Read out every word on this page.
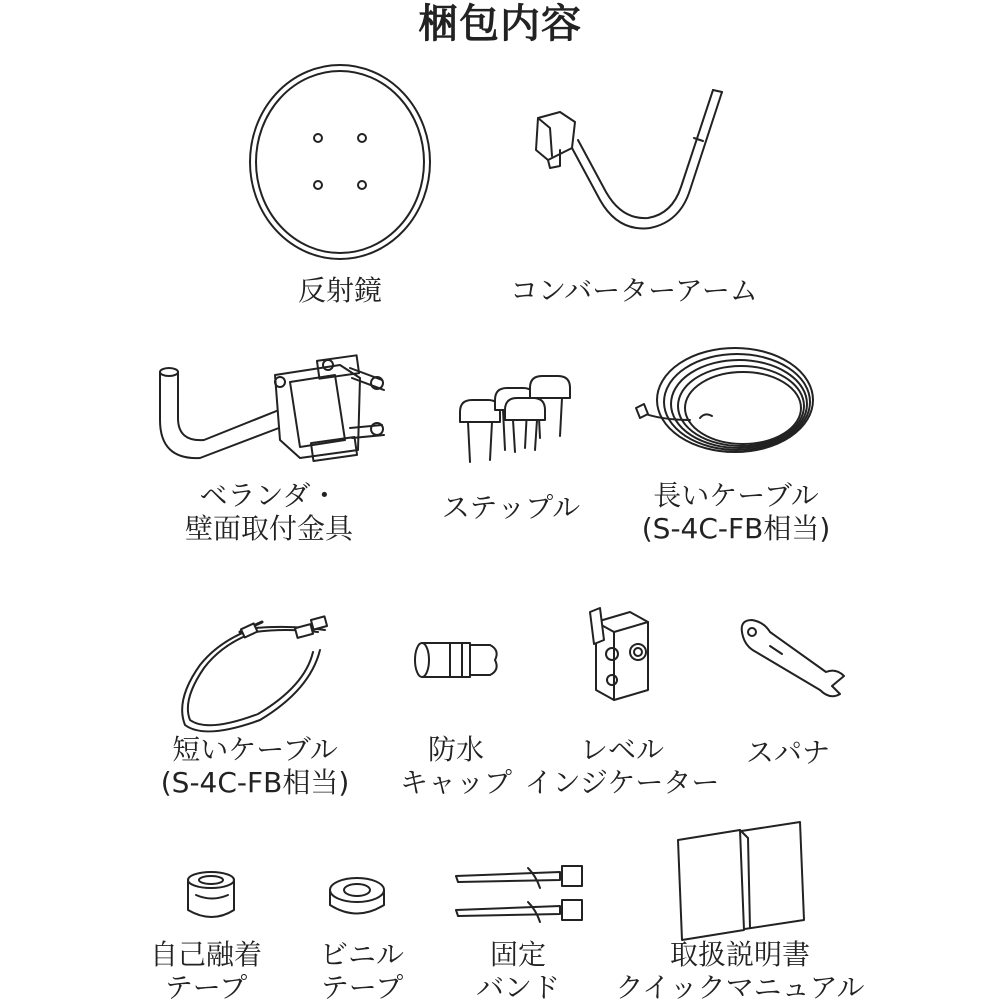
梱包内容
反射鏡	コンバーターアーム
ベランダ・
壁面取付金具
ステップル	長いケーブル
(S-4C-FB相当)
短いケーブル
(S-4C-FB相当)
防水
キャップ
レベル
インジケーター
スパナ
自己融着
テープ
ビニル
テープ
固定
バンド
取扱説明書
クイックマニュアル
